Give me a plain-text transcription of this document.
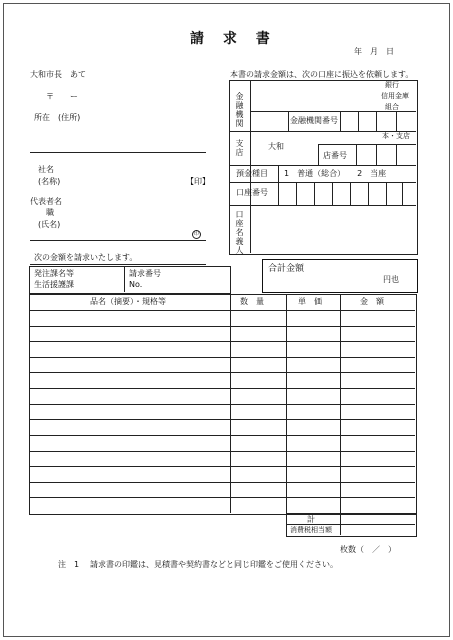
請 求 書
年　月　日
大和市長　あて
〒　　ー
所在　(住所)
社名
(名称)	【印】
代表者名
職
(氏名)
印
本書の請求金額は、次の口座に振込を依頼します。
金融機関
銀行
信用金庫
組合
金融機関番号
支店
本・支店
大和
店番号
預金種目 1　普通（総合）　　2　当座
口座番号
口座名義人
次の金額を請求いたします。
発注課名等
生活援護課
請求番号
No.
合計金額
円也
品名（摘要）・規格等	数　量	単　価	金　額
計
消費税相当額
枚数（　／　）
注　1 請求書の印鑑は、見積書や契約書などと同じ印鑑をご使用ください。
